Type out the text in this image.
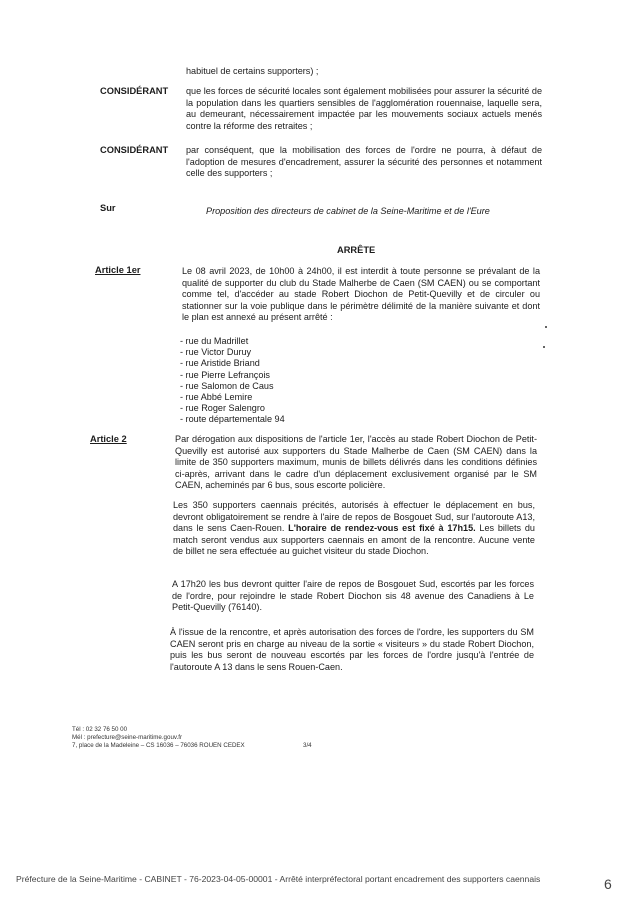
habituel de certains supporters) ;
CONSIDÉRANT que les forces de sécurité locales sont également mobilisées pour assurer la sécurité de la population dans les quartiers sensibles de l'agglomération rouennaise, laquelle sera, au demeurant, nécessairement impactée par les mouvements sociaux actuels menés contre la réforme des retraites ;
CONSIDÉRANT par conséquent, que la mobilisation des forces de l'ordre ne pourra, à défaut de l'adoption de mesures d'encadrement, assurer la sécurité des personnes et notamment celle des supporters ;
Sur	Proposition des directeurs de cabinet de la Seine-Maritime et de l'Eure
ARRÊTE
Article 1er	Le 08 avril 2023, de 10h00 à 24h00, il est interdit à toute personne se prévalant de la qualité de supporter du club du Stade Malherbe de Caen (SM CAEN) ou se comportant comme tel, d'accéder au stade Robert Diochon de Petit-Quevilly et de circuler ou stationner sur la voie publique dans le périmètre délimité de la manière suivante et dont le plan est annexé au présent arrêté :
- rue du Madrillet
- rue Victor Duruy
- rue Aristide Briand
- rue Pierre Lefrançois
- rue Salomon de Caus
- rue Abbé Lemire
- rue Roger Salengro
- route départementale 94
Article 2	Par dérogation aux dispositions de l'article 1er, l'accès au stade Robert Diochon de Petit-Quevilly est autorisé aux supporters du Stade Malherbe de Caen (SM CAEN) dans la limite de 350 supporters maximum, munis de billets délivrés dans les conditions définies ci-après, arrivant dans le cadre d'un déplacement exclusivement organisé par le SM CAEN, acheminés par 6 bus, sous escorte policière.
Les 350 supporters caennais précités, autorisés à effectuer le déplacement en bus, devront obligatoirement se rendre à l'aire de repos de Bosgouet Sud, sur l'autoroute A13, dans le sens Caen-Rouen. L'horaire de rendez-vous est fixé à 17h15. Les billets du match seront vendus aux supporters caennais en amont de la rencontre. Aucune vente de billet ne sera effectuée au guichet visiteur du stade Diochon.
A 17h20 les bus devront quitter l'aire de repos de Bosgouet Sud, escortés par les forces de l'ordre, pour rejoindre le stade Robert Diochon sis 48 avenue des Canadiens à Le Petit-Quevilly (76140).
À l'issue de la rencontre, et après autorisation des forces de l'ordre, les supporters du SM CAEN seront pris en charge au niveau de la sortie « visiteurs » du stade Robert Diochon, puis les bus seront de nouveau escortés par les forces de l'ordre jusqu'à l'entrée de l'autoroute A 13 dans le sens Rouen-Caen.
Tél : 02 32 76 50 00
Mél : prefecture@seine-maritime.gouv.fr
7, place de la Madeleine – CS 16036 – 76036 ROUEN CEDEX	3/4
Préfecture de la Seine-Maritime - CABINET - 76-2023-04-05-00001 - Arrêté interpréfectoral portant encadrement des supporters caennais	6
